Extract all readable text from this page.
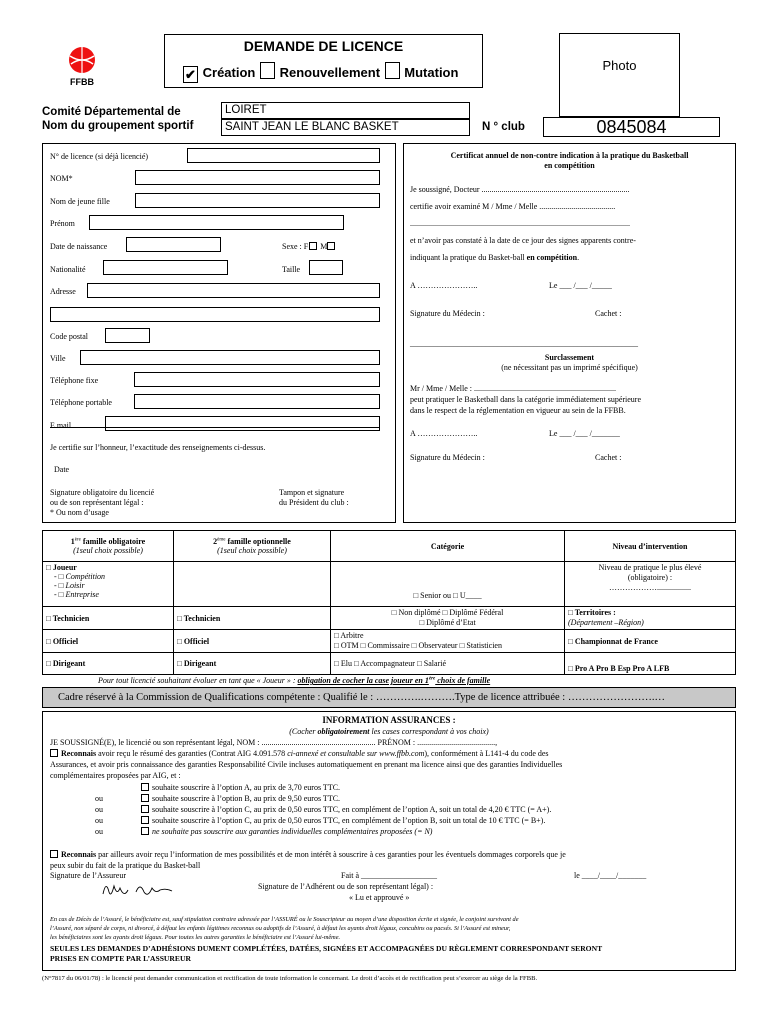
FFBB
DEMANDE DE LICENCE
✔ Création Renouvellement Mutation	Photo
Comité Départemental de
Nom du groupement sportif
LOIRET
SAINT JEAN LE BLANC BASKET	N ° club	0845084
N° de licence (si déjà licencié)
NOM*
Nom de jeune fille
Prénom
Date de naissance	Sexe : F M
Nationalité	Taille
Adresse
Code postal
Ville
Téléphone fixe
Téléphone portable
E.mail
Je certifie sur l’honneur, l’exactitude des renseignements ci-dessus.
Date
Signature obligatoire du licencié
ou de son représentant légal :
* Ou nom d’usage
Tampon et signature
du Président du club :
Certificat annuel de non-contre indication à la pratique du Basketball
en compétition
Je soussigné, Docteur ..........................................................................
certifie avoir examiné M / Mme / Melle ......................................
..............................................................................................................
et n’avoir pas constaté à la date de ce jour des signes apparents contre-
indiquant la pratique du Basket-ball en compétition.
A …………………..	Le ___ /___ /_____
Signature du Médecin :	Cachet :
_________________________________________________________
Surclassement
(ne nécessitant pas un imprimé spécifique)
Mr / Mme / Melle : .......................................................................
peut pratiquer le Basketball dans la catégorie immédiatement supérieure
dans le respect de la réglementation en vigueur au sein de la FFBB.
A …………………..	Le ___ /___ /_______
Signature du Médecin :	Cachet :
1ère famille obligatoire
(1seul choix possible)	2ème famille optionnelle
(1seul choix possible)	Catégorie	Niveau d’intervention
□ Joueur
- □ Compétition
- □ Loisir
- □ Entreprise		□ Senior ou □ U____	Niveau de pratique le plus élevé
(obligatoire) :
……………….................
□ Technicien	□ Technicien	□ Non diplômé □ Diplômé Fédéral
□ Diplômé d’Etat	□ Territoires :
(Département –Région)
□ Officiel	□ Officiel	□ Arbitre
□ OTM □ Commissaire □ Observateur □ Statisticien	□ Championnat de France
□ Dirigeant	□ Dirigeant	□ Elu □ Accompagnateur □ Salarié	□ Pro A Pro B Esp Pro A LFB
Pour tout licencié souhaitant évoluer en tant que « Joueur » : obligation de cocher la case joueur en 1ère choix de famille
Cadre réservé à la Commission de Qualifications compétente : Qualifié le : ………….……….Type de licence attribuée : …………………….…
INFORMATION ASSURANCES :
(Cocher obligatoirement les cases correspondant à vos choix)
JE SOUSSIGNÉ(E), le licencié ou son représentant légal, NOM : ......................................................... PRÉNOM : .......................................,
Reconnais avoir reçu le résumé des garanties (Contrat AIG 4.091.578 ci-annexé et consultable sur www.ffbb.com), conformément à L141-4 du code des
Assurances, et avoir pris connaissance des garanties Responsabilité Civile incluses automatiquement en prenant ma licence ainsi que des garanties Individuelles
complémentaires proposées par AIG, et :
souhaite souscrire à l’option A, au prix de 3,70 euros TTC.
ou	souhaite souscrire à l’option B, au prix de 9,50 euros TTC.
ou	souhaite souscrire à l’option C, au prix de 0,50 euros TTC, en complément de l’option A, soit un total de 4,20 € TTC (= A+).
ou	souhaite souscrire à l’option C, au prix de 0,50 euros TTC, en complément de l’option B, soit un total de 10 € TTC (= B+).
ou	ne souhaite pas souscrire aux garanties individuelles complémentaires proposées (= N)
Reconnais par ailleurs avoir reçu l’information de mes possibilités et de mon intérêt à souscrire à ces garanties pour les éventuels dommages corporels que je
peux subir du fait de la pratique du Basket-ball
Signature de l’Assureur	Fait à ___________________	le ____/____/_______
Signature de l’Adhérent ou de son représentant légal) :
« Lu et approuvé »
En cas de Décès de l’Assuré, le bénéficiaire est, sauf stipulation contraire adressée par l’ASSURÉ ou le Souscripteur au moyen d’une disposition écrite et signée, le conjoint survivant de
l’Assuré, non séparé de corps, ni divorcé, à défaut les enfants légitimes reconnus ou adoptifs de l’Assuré, à défaut les ayants droit légaux, concubins ou pacsés. Si l’Assuré est mineur,
les bénéficiaires sont les ayants droit légaux. Pour toutes les autres garanties le bénéficiaire est l’Assuré lui-même.
SEULES LES DEMANDES D’ADHÉSIONS DUMENT COMPLÉTÉES, DATÉES, SIGNÉES ET ACCOMPAGNÉES DU RÈGLEMENT CORRESPONDANT SERONT
PRISES EN COMPTE PAR L’ASSUREUR
(N°7817 du 06/01/78) : le licencié peut demander communication et rectification de toute information le concernant. Le droit d’accès et de rectification peut s’exercer au siège de la FFBB.
